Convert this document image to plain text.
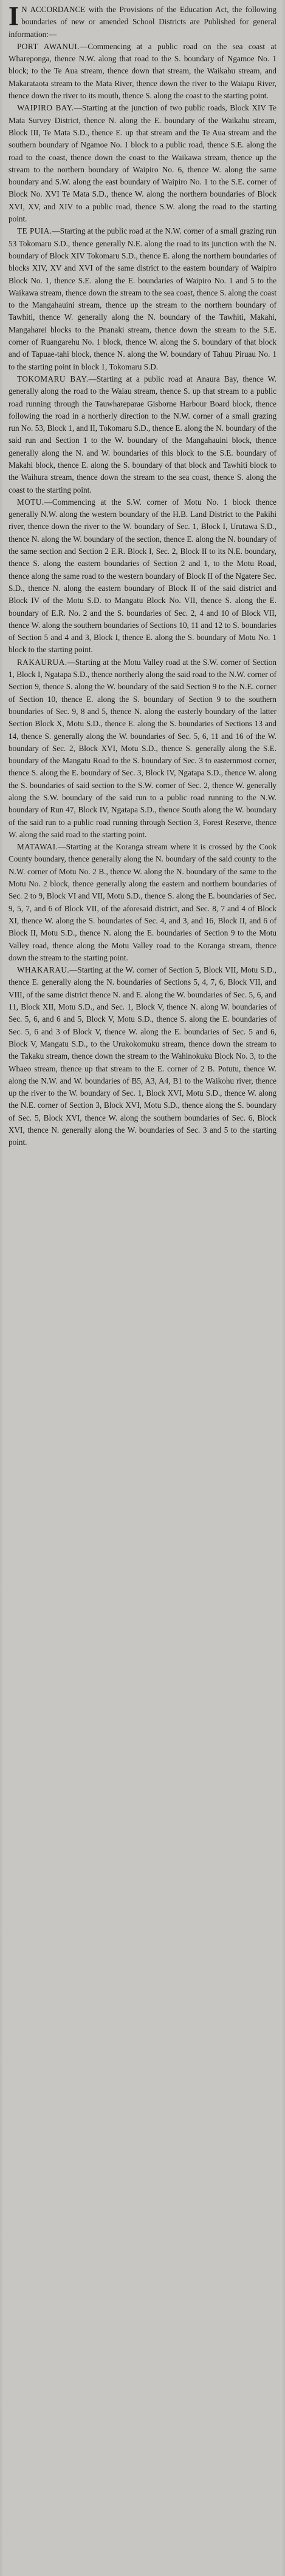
I N ACCORDANCE with the Provisions of the Education Act, the following boundaries of new or amended School Districts are Published for general information:—

PORT AWANUI.—Commencing at a public road on the sea coast at Whareponga, thence N.W. along that road to the S. boundary of Ngamoe No. 1 block; to the Te Aua stream, thence down that stream, the Waikahu stream, and Makarataota stream to the Mata River, thence down the river to the Waiapu River, thence down the river to its mouth, thence S. along the coast to the starting point.

WAIPIRO BAY.—Starting at the junction of two public roads, Block XIV Te Mata Survey District, thence N. along the E. boundary of the Waikahu stream, Block III, Te Mata S.D., thence E. up that stream and the Te Aua stream and the southern boundary of Ngamoe No. 1 block to a public road, thence S.E. along the road to the coast, thence down the coast to the Waikawa stream, thence up the stream to the northern boundary of Waipiro No. 6, thence W. along the same boundary and S.W. along the east boundary of Waipiro No. 1 to the S.E. corner of Block No. XVI Te Mata S.D., thence W. along the northern boundaries of Block XVI, XV, and XIV to a public road, thence S.W. along the road to the starting point.

TE PUIA.—Starting at the public road at the N.W. corner of a small grazing run 53 Tokomaru S.D., thence generally N.E. along the road to its junction with the N. boundary of Block XIV Tokomaru S.D., thence E. along the northern boundaries of blocks XIV, XV and XVI of the same district to the eastern boundary of Waipiro Block No. 1, thence S.E. along the E. boundaries of Waipiro No. 1 and 5 to the Waikawa stream, thence down the stream to the sea coast, thence S. along the coast to the Mangahauini stream, thence up the stream to the northern boundary of Tawhiti, thence W. generally along the N. boundary of the Tawhiti, Makahi, Mangaharei blocks to the Pnanaki stream, thence down the stream to the S.E. corner of Ruangarehu No. 1 block, thence W. along the S. boundary of that block and of Tapuae-tahi block, thence N. along the W. boundary of Tahuu Piruau No. 1 to the starting point in block 1, Tokomaru S.D.

TOKOMARU BAY.—Starting at a public road at Anaura Bay, thence W. generally along the road to the Waiau stream, thence S. up that stream to a public road running through the Tauwhareparae Gisborne Harbour Board block, thence following the road in a northerly direction to the N.W. corner of a small grazing run No. 53, Block 1, and II, Tokomaru S.D., thence E. along the N. boundary of the said run and Section 1 to the W. boundary of the Mangahauini block, thence generally along the N. and W. boundaries of this block to the S.E. boundary of Makahi block, thence E. along the S. boundary of that block and Tawhiti block to the Waihura stream, thence down the stream to the sea coast, thence S. along the coast to the starting point.

MOTU.—Commencing at the S.W. corner of Motu No. 1 block thence generally N.W. along the western boundary of the H.B. Land District to the Pakihi river, thence down the river to the W. boundary of Sec. 1, Block I, Urutawa S.D., thence N. along the W. boundary of the section, thence E. along the N. boundary of the same section and Section 2 E.R. Block I, Sec. 2, Block II to its N.E. boundary, thence S. along the eastern boundaries of Section 2 and 1, to the Motu Road, thence along the same road to the western boundary of Block II of the Ngatere Sec. S.D., thence N. along the eastern boundary of Block II of the said district and Block IV of the Motu S.D. to Mangatu Block No. VII, thence S. along the E. boundary of E.R. No. 2 and the S. boundaries of Sec. 2, 4 and 10 of Block VII, thence W. along the southern boundaries of Sections 10, 11 and 12 to S. boundaries of Section 5 and 4 and 3, Block I, thence E. along the S. boundary of Motu No. 1 block to the starting point.

RAKAURUA.—Starting at the Motu Valley road at the S.W. corner of Section 1, Block I, Ngatapa S.D., thence northerly along the said road to the N.W. corner of Section 9, thence S. along the W. boundary of the said Section 9 to the N.E. corner of Section 10, thence E. along the S. boundary of Section 9 to the southern boundaries of Sec. 9, 8 and 5, thence N. along the easterly boundary of the latter Section Block X, Motu S.D., thence E. along the S. boundaries of Sections 13 and 14, thence S. generally along the W. boundaries of Sec. 5, 6, 11 and 16 of the W. boundary of Sec. 2, Block XVI, Motu S.D., thence S. generally along the S.E. boundary of the Mangatu Road to the S. boundary of Sec. 3 to easternmost corner, thence S. along the E. boundary of Sec. 3, Block IV, Ngatapa S.D., thence W. along the S. boundaries of said section to the S.W. corner of Sec. 2, thence W. generally along the S.W. boundary of the said run to a public road running to the N.W. boundary of Run 47, Block IV, Ngatapa S.D., thence South along the W. boundary of the said run to a public road running through Section 3, Forest Reserve, thence W. along the said road to the starting point.

MATAWAI.—Starting at the Koranga stream where it is crossed by the Cook County boundary, thence generally along the N. boundary of the said county to the N.W. corner of Motu No. 2 B., thence W. along the N. boundary of the same to the Motu No. 2 block, thence generally along the eastern and northern boundaries of Sec. 2 to 9, Block VI and VII, Motu S.D., thence S. along the E. boundaries of Sec. 9, 5, 7, and 6 of Block VII, of the aforesaid district, and Sec. 8, 7 and 4 of Block XI, thence W. along the S. boundaries of Sec. 4, and 3, and 16, Block II, and 6 of Block II, Motu S.D., thence N. along the E. boundaries of Section 9 to the Motu Valley road, thence along the Motu Valley road to the Koranga stream, thence down the stream to the starting point.

WHAKARAU.—Starting at the W. corner of Section 5, Block VII, Motu S.D., thence E. generally along the N. boundaries of Sections 5, 4, 7, 6, Block VII, and VIII, of the same district thence N. and E. along the W. boundaries of Sec. 5, 6, and 11, Block XII, Motu S.D., and Sec. 1, Block V, thence N. along W. boundaries of Sec. 5, 6, and 6 and 5, Block V, Motu S.D., thence S. along the E. boundaries of Sec. 5, 6 and 3 of Block V, thence W. along the E. boundaries of Sec. 5 and 6, Block V, Mangatu S.D., to the Urukokomuku stream, thence down the stream to the Takaku stream, thence down the stream to the Wahinokuku Block No. 3, to the Whaeo stream, thence up that stream to the E. corner of 2 B. Potutu, thence W. along the N.W. and W. boundaries of B5, A3, A4, B1 to the Waikohu river, thence up the river to the W. boundary of Sec. 1, Block XVI, Motu S.D., thence W. along the N.E. corner of Section 3, Block XVI, Motu S.D., thence along the S. boundary of Sec. 5, Block XVI, thence W. along the southern boundaries of Sec. 6, Block XVI, thence N. generally along the W. boundaries of Sec. 3 and 5 to the starting point.
